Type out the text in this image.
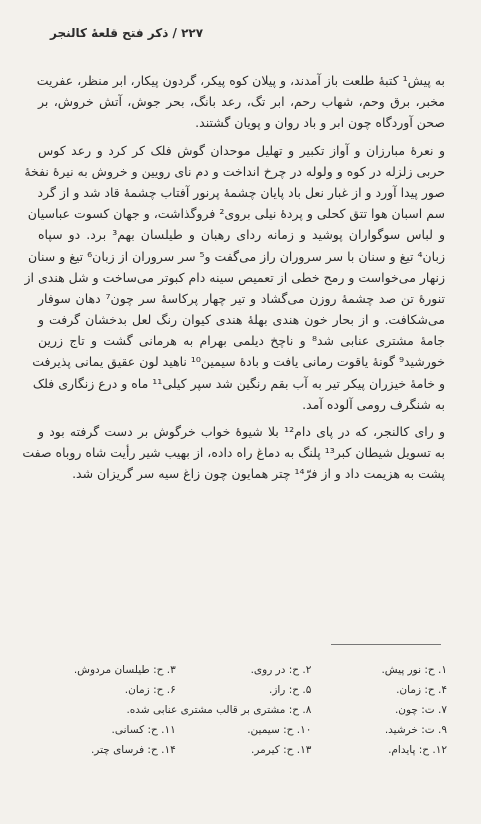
۲۲۷ / ذکر فتح قلعهٔ کالنجر
به پیش¹ کتبهٔ طلعت باز آمدند، و پیلان کوه پیکر، گردون پیکار، ابر منظر، عفریت
مخبر، برق وحم، شهاب رحم، ابر تگ، رعد بانگ، بحر جوش، آتش خروش، بر
صحن آوردگاه چون ابر و باد روان و پویان گشتند.
و نعرهٔ مبارزان و آواز تکبیر و تهلیل موحدان گوش فلک کر کرد و رعد کوس
حربی زلزله در کوه و ولوله در چرخ انداخت و دم نای رویین و خروش به نیرهٔ نفخهٔ
صور پیدا آورد و از غبار نعل باد پایان چشمهٔ پرنور آفتاب چشمهٔ قاد شد و از گرد
سم اسبان هوا تتق کحلی و پردهٔ نیلی بروی² فروگذاشت، و جهان کسوت عباسیان
و لباس سوگواران پوشید و زمانه ردای رهبان و طیلسان بهم³ برد. دو سپاه
زبان⁴ تیغ و سنان با سر سروران راز می‌گفت و⁵ سر سروران از زبان⁶ تیغ و سنان
زنهار می‌خواست و رمح خطی از تعمیص سینه دام کبوتر می‌ساخت و شل هندی از
تنورهٔ تن صد چشمهٔ روزن می‌گشاد و تیر چهار پرکاسهٔ سر چون⁷ دهان سوفار
می‌شکافت. و از بحار خون هندی بهلهٔ هندی کیوان رنگ لعل بدخشان گرفت و
جامهٔ مشتری عنابی شد⁸ و ناچخ دیلمی بهرام به هرمانی گشت و تاج زرین
خورشید⁹ گونهٔ یاقوت رمانی یافت و بادهٔ سیمین¹⁰ ناهید لون عقیق یمانی پذیرفت
و خامهٔ خیزران پیکر تیر به آب بقم رنگین شد سپر کیلی¹¹ ماه و درع زنگاری فلک
به شنگرف رومی آلوده آمد.
و رای کالنجر، که در پای دام¹² بلا شیوهٔ خواب خرگوش بر دست گرفته بود و
به تسویل شیطان کبر¹³ پلنگ به دماغ راه داده، از بهیب شیر رأیت شاه روباه صفت
پشت به هزیمت داد و از فرّ¹⁴ چتر همایون چون زاغ سیه سر گریزان شد.
۱. ح: نور پیش.
۲. ح: در روی.
۳. ح: طیلسان مردوش.
۴. ح: زمان.
۵. ح: راز.
۶. ح: زمان.
۷. ت: چون.
۸. ح: مشتری بر قالب مشتری عنابی شده.
۹. ت: خرشید.
۱۰. ح: سیمین.
۱۱. ح: کسانی.
۱۲. ح: پایدام.
۱۳. ح: کیرمر.
۱۴. ح: فرسای چتر.
